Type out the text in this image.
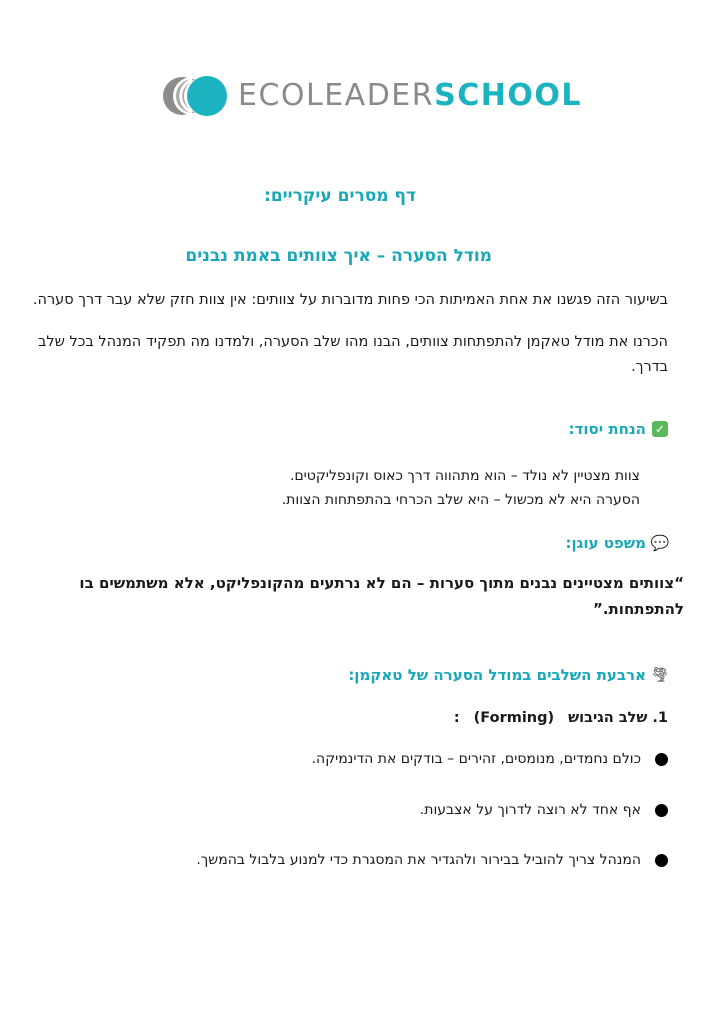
ECOLEADERSCHOOL
דף מסרים עיקריים:
מודל הסערה – איך צוותים באמת נבנים
בשיעור הזה פגשנו את אחת האמיתות הכי פחות מדוברות על צוותים: אין צוות חזק שלא עבר דרך סערה.
הכרנו את מודל טאקמן להתפתחות צוותים, הבנו מהו שלב הסערה, ולמדנו מה תפקיד המנהל בכל שלב בדרך.
✓
הנחת יסוד:
צוות מצטיין לא נולד – הוא מתהווה דרך כאוס וקונפליקטים.
הסערה היא לא מכשול – היא שלב הכרחי בהתפתחות הצוות.
💬
משפט עוגן:
“צוותים מצטיינים נבנים מתוך סערות – הם לא נרתעים מהקונפליקט, אלא משתמשים בו להתפתחות.”
🌪
ארבעת השלבים במודל הסערה של טאקמן:
1. שלב הגיבוש(Forming):
כולם נחמדים, מנומסים, זהירים – בודקים את הדינמיקה.
אף אחד לא רוצה לדרוך על אצבעות.
המנהל צריך להוביל בבירור ולהגדיר את המסגרת כדי למנוע בלבול בהמשך.
